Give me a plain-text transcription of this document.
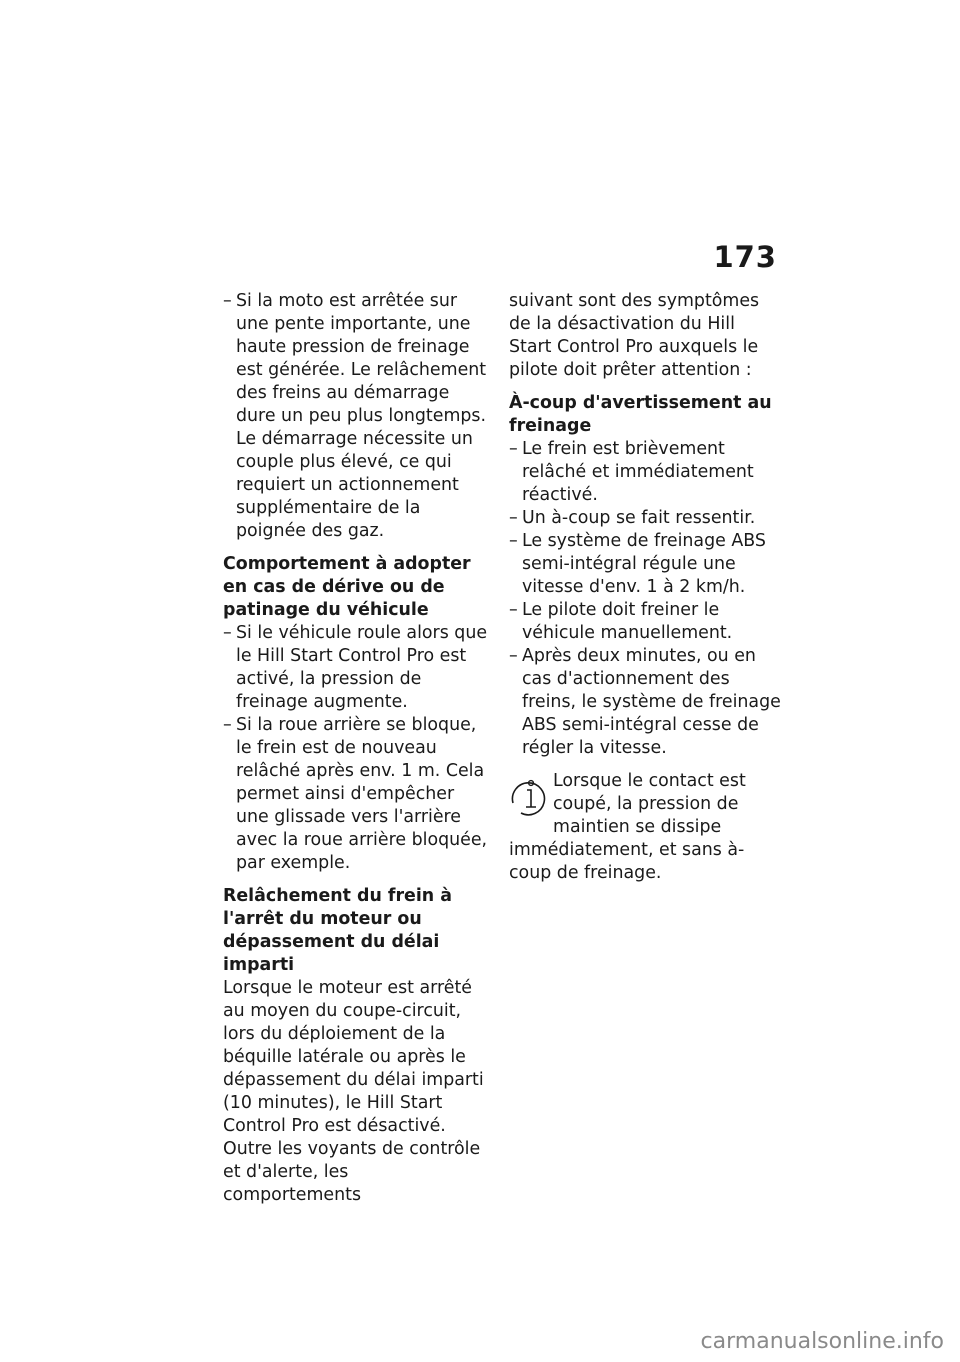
173
– Si la moto est arrêtée sur une pente importante, une haute pression de freinage est générée. Le relâchement des freins au démarrage dure un peu plus longtemps. Le démarrage nécessite un couple plus élevé, ce qui requiert un actionnement supplémentaire de la poignée des gaz.
Comportement à adopter en cas de dérive ou de patinage du véhicule
– Si le véhicule roule alors que le Hill Start Control Pro est activé, la pression de freinage augmente.
– Si la roue arrière se bloque, le frein est de nouveau relâché après env. 1 m. Cela permet ainsi d'empêcher une glissade vers l'arrière avec la roue arrière bloquée, par exemple.
Relâchement du frein à l'arrêt du moteur ou dépassement du délai imparti

Lorsque le moteur est arrêté au moyen du coupe-circuit, lors du déploiement de la béquille latérale ou après le dépassement du délai imparti (10 minutes), le Hill Start Control Pro est désactivé.

Outre les voyants de contrôle et d'alerte, les comportements

suivant sont des symptômes de la désactivation du Hill Start Control Pro auxquels le pilote doit prêter attention :

À-coup d'avertissement au freinage
– Le frein est brièvement relâché et immédiatement réactivé.
– Un à-coup se fait ressentir.
– Le système de freinage ABS semi-intégral régule une vitesse d'env. 1 à 2 km/h.
– Le pilote doit freiner le véhicule manuellement.
– Après deux minutes, ou en cas d'actionnement des freins, le système de freinage ABS semi-intégral cesse de régler la vitesse.
Lorsque le contact est coupé, la pression de maintien se dissipe immédiatement, et sans à-coup de freinage.
carmanualsonline.info
